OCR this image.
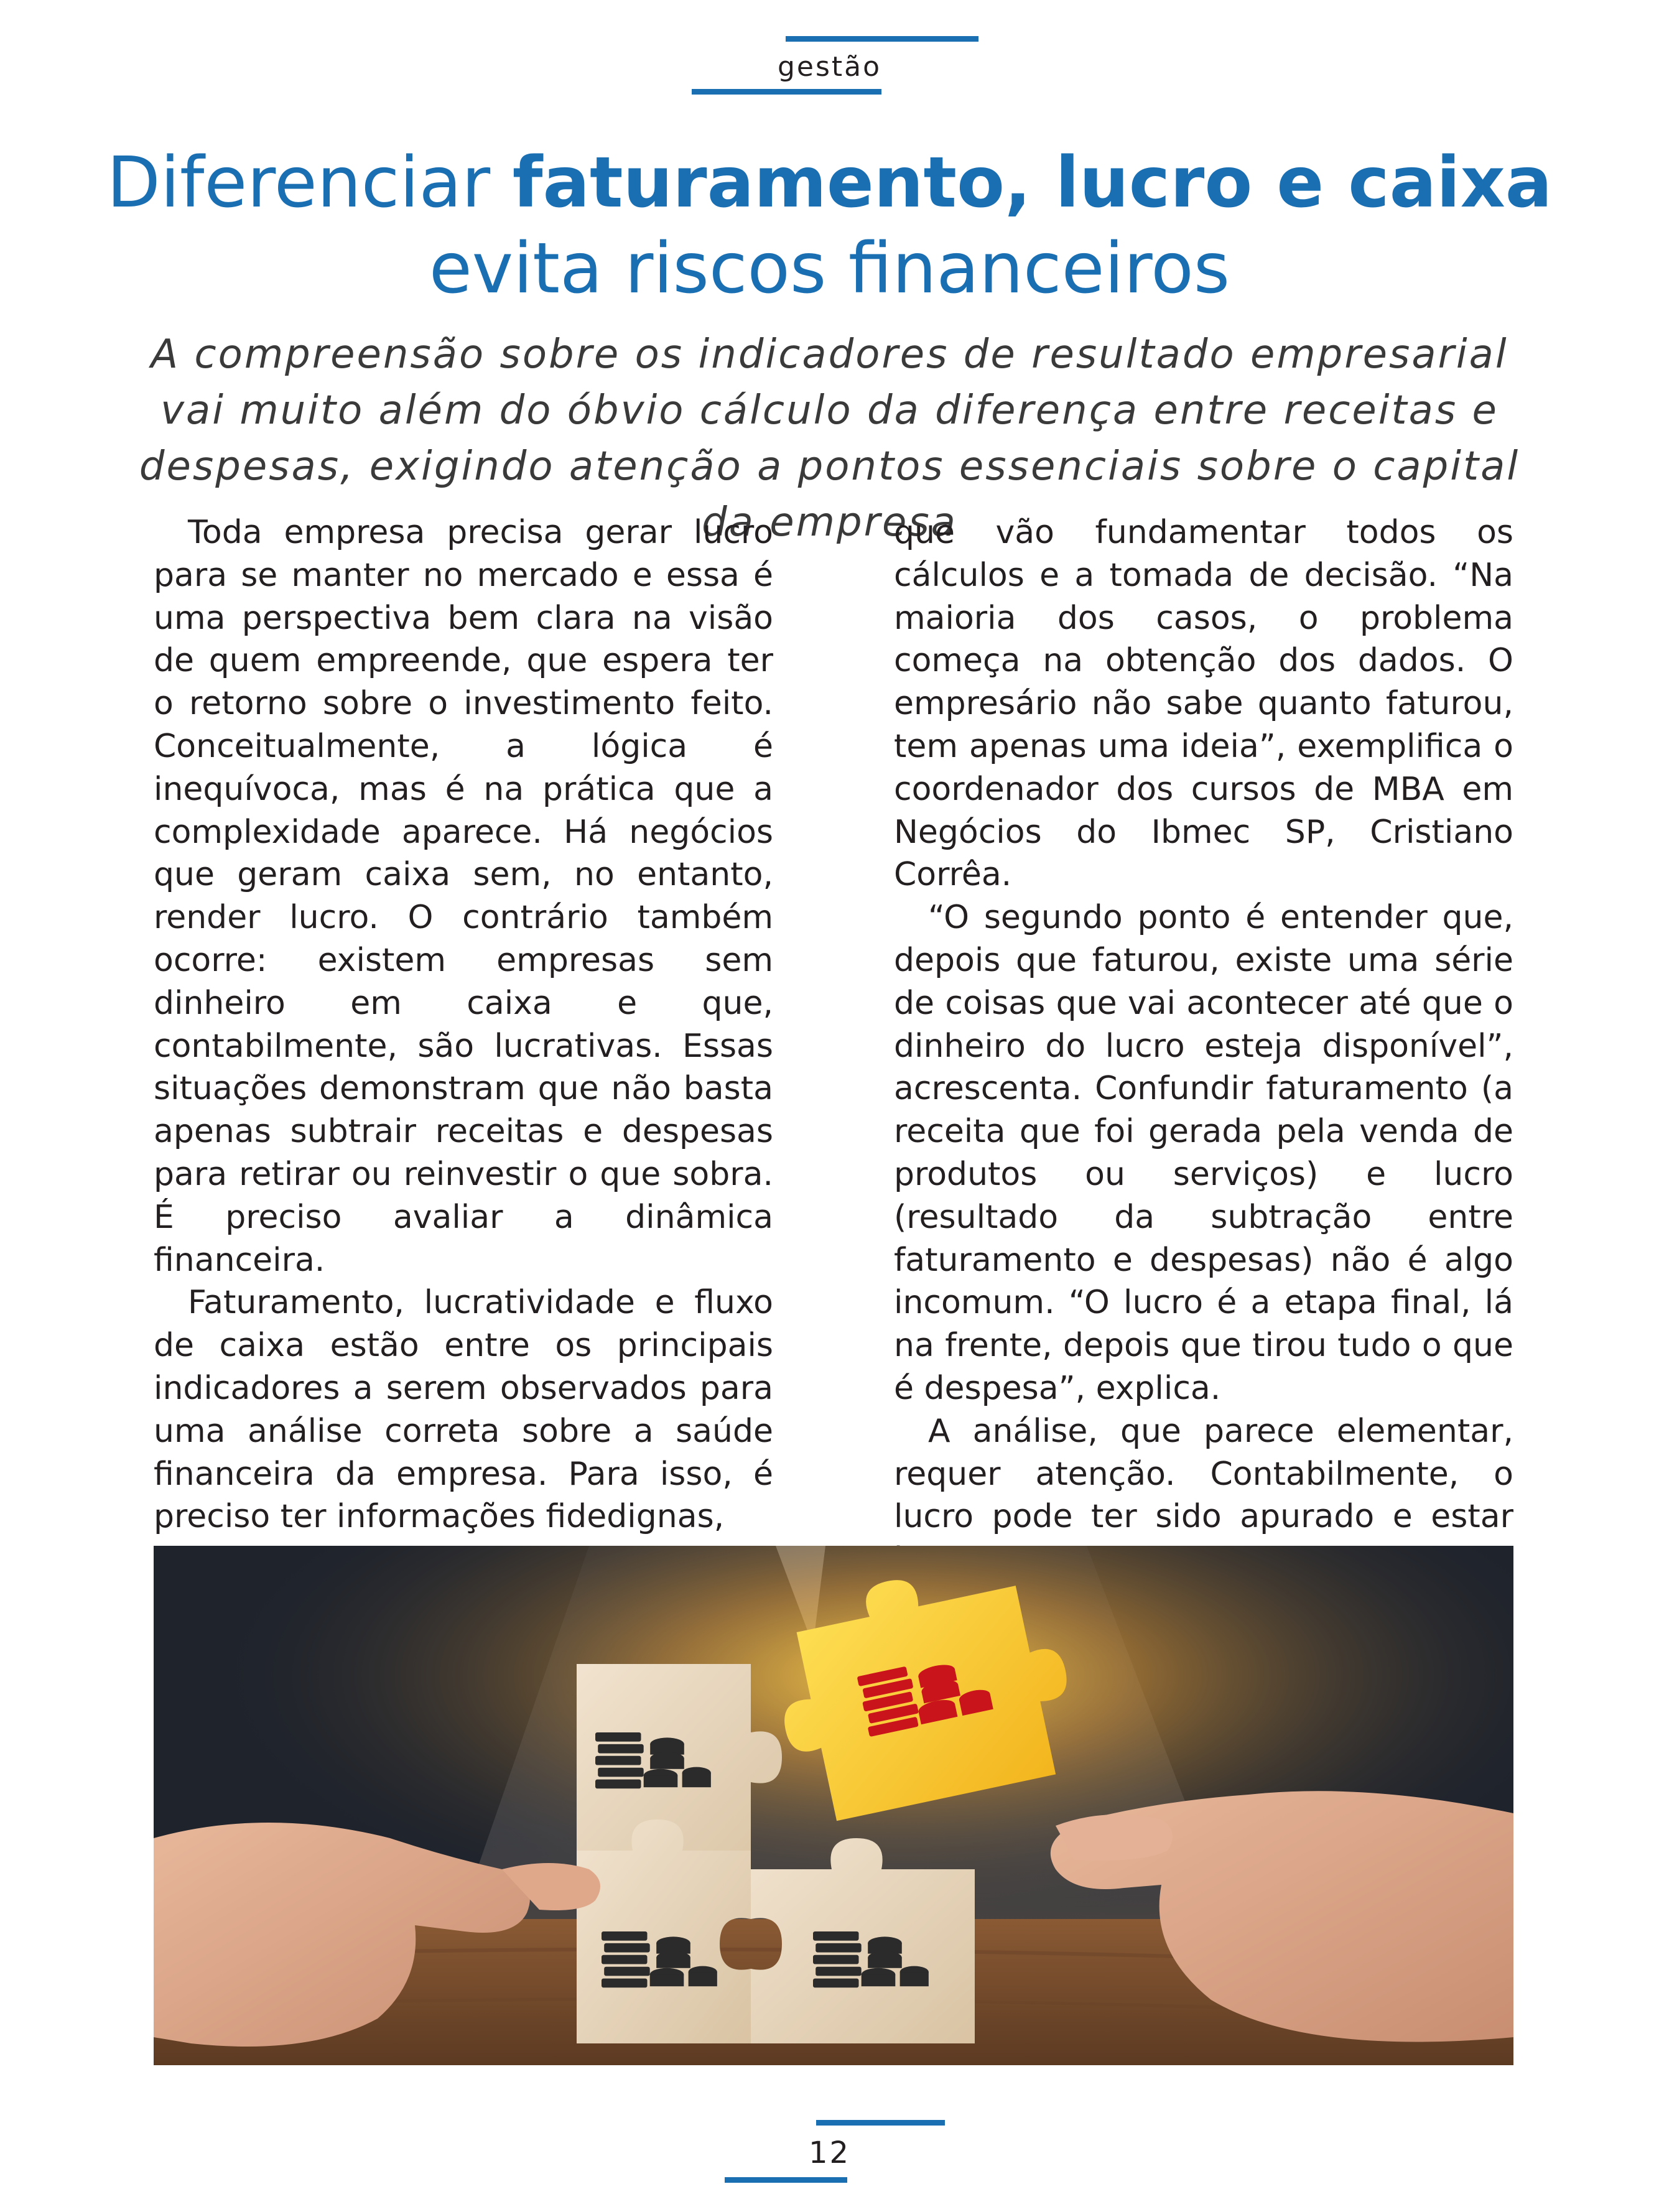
gestão
Diferenciar faturamento, lucro e caixa
evita riscos financeiros
A compreensão sobre os indicadores de resultado empresarial vai muito além do óbvio cálculo da diferença entre receitas e despesas, exigindo atenção a pontos essenciais sobre o capital da empresa

Toda empresa precisa gerar lucro para se manter no mercado e essa é uma perspectiva bem clara na visão de quem empreende, que espera ter o retorno sobre o investimento feito. Conceitualmente, a lógica é inequívoca, mas é na prática que a complexidade aparece. Há negócios que geram caixa sem, no entanto, render lucro. O contrário também ocorre: existem empresas sem dinheiro em caixa e que, contabilmente, são lucrativas. Essas situações demonstram que não basta apenas subtrair receitas e despesas para retirar ou reinvestir o que sobra. É preciso avaliar a dinâmica financeira.

Faturamento, lucratividade e fluxo de caixa estão entre os principais indicadores a serem observados para uma análise correta sobre a saúde financeira da empresa. Para isso, é preciso ter informações fidedignas,

que vão fundamentar todos os cálculos e a tomada de decisão. “Na maioria dos casos, o problema começa na obtenção dos dados. O empresário não sabe quanto faturou, tem apenas uma ideia”, exemplifica o coordenador dos cursos de MBA em Negócios do Ibmec SP, Cristiano Corrêa.

“O segundo ponto é entender que, depois que faturou, existe uma série de coisas que vai acontecer até que o dinheiro do lucro esteja disponível”, acrescenta. Confundir faturamento (a receita que foi gerada pela venda de produtos ou serviços) e lucro (resultado da subtração entre faturamento e despesas) não é algo incomum. “O lucro é a etapa final, lá na frente, depois que tirou tudo o que é despesa”, explica.

A análise, que parece elementar, requer atenção. Contabilmente, o lucro pode ter sido apurado e estar

12
